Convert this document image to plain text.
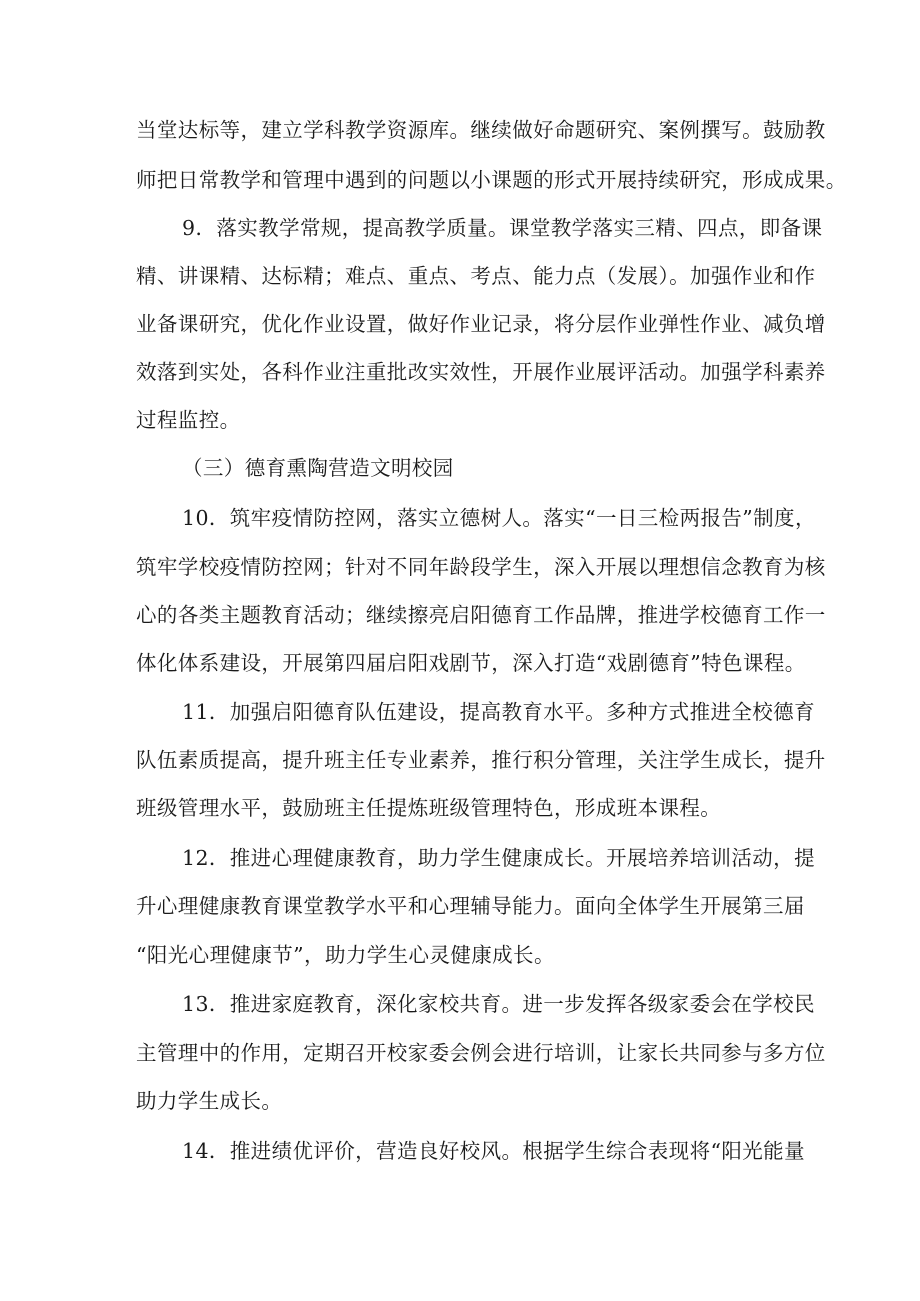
当堂达标等，建立学科教学资源库。继续做好命题研究、案例撰写。鼓励教

师把日常教学和管理中遇到的问题以小课题的形式开展持续研究，形成成果。

9．落实教学常规，提高教学质量。课堂教学落实三精、四点，即备课

精、讲课精、达标精；难点、重点、考点、能力点（发展）。加强作业和作

业备课研究，优化作业设置，做好作业记录，将分层作业弹性作业、减负增

效落到实处，各科作业注重批改实效性，开展作业展评活动。加强学科素养

过程监控。

（三）德育熏陶营造文明校园

10．筑牢疫情防控网，落实立德树人。落实“一日三检两报告”制度，

筑牢学校疫情防控网；针对不同年龄段学生，深入开展以理想信念教育为核

心的各类主题教育活动；继续擦亮启阳德育工作品牌，推进学校德育工作一

体化体系建设，开展第四届启阳戏剧节，深入打造“戏剧德育”特色课程。

11．加强启阳德育队伍建设，提高教育水平。多种方式推进全校德育

队伍素质提高，提升班主任专业素养，推行积分管理，关注学生成长，提升

班级管理水平，鼓励班主任提炼班级管理特色，形成班本课程。

12．推进心理健康教育，助力学生健康成长。开展培养培训活动，提

升心理健康教育课堂教学水平和心理辅导能力。面向全体学生开展第三届

“阳光心理健康节”，助力学生心灵健康成长。

13．推进家庭教育，深化家校共育。进一步发挥各级家委会在学校民

主管理中的作用，定期召开校家委会例会进行培训，让家长共同参与多方位

助力学生成长。

14．推进绩优评价，营造良好校风。根据学生综合表现将“阳光能量
